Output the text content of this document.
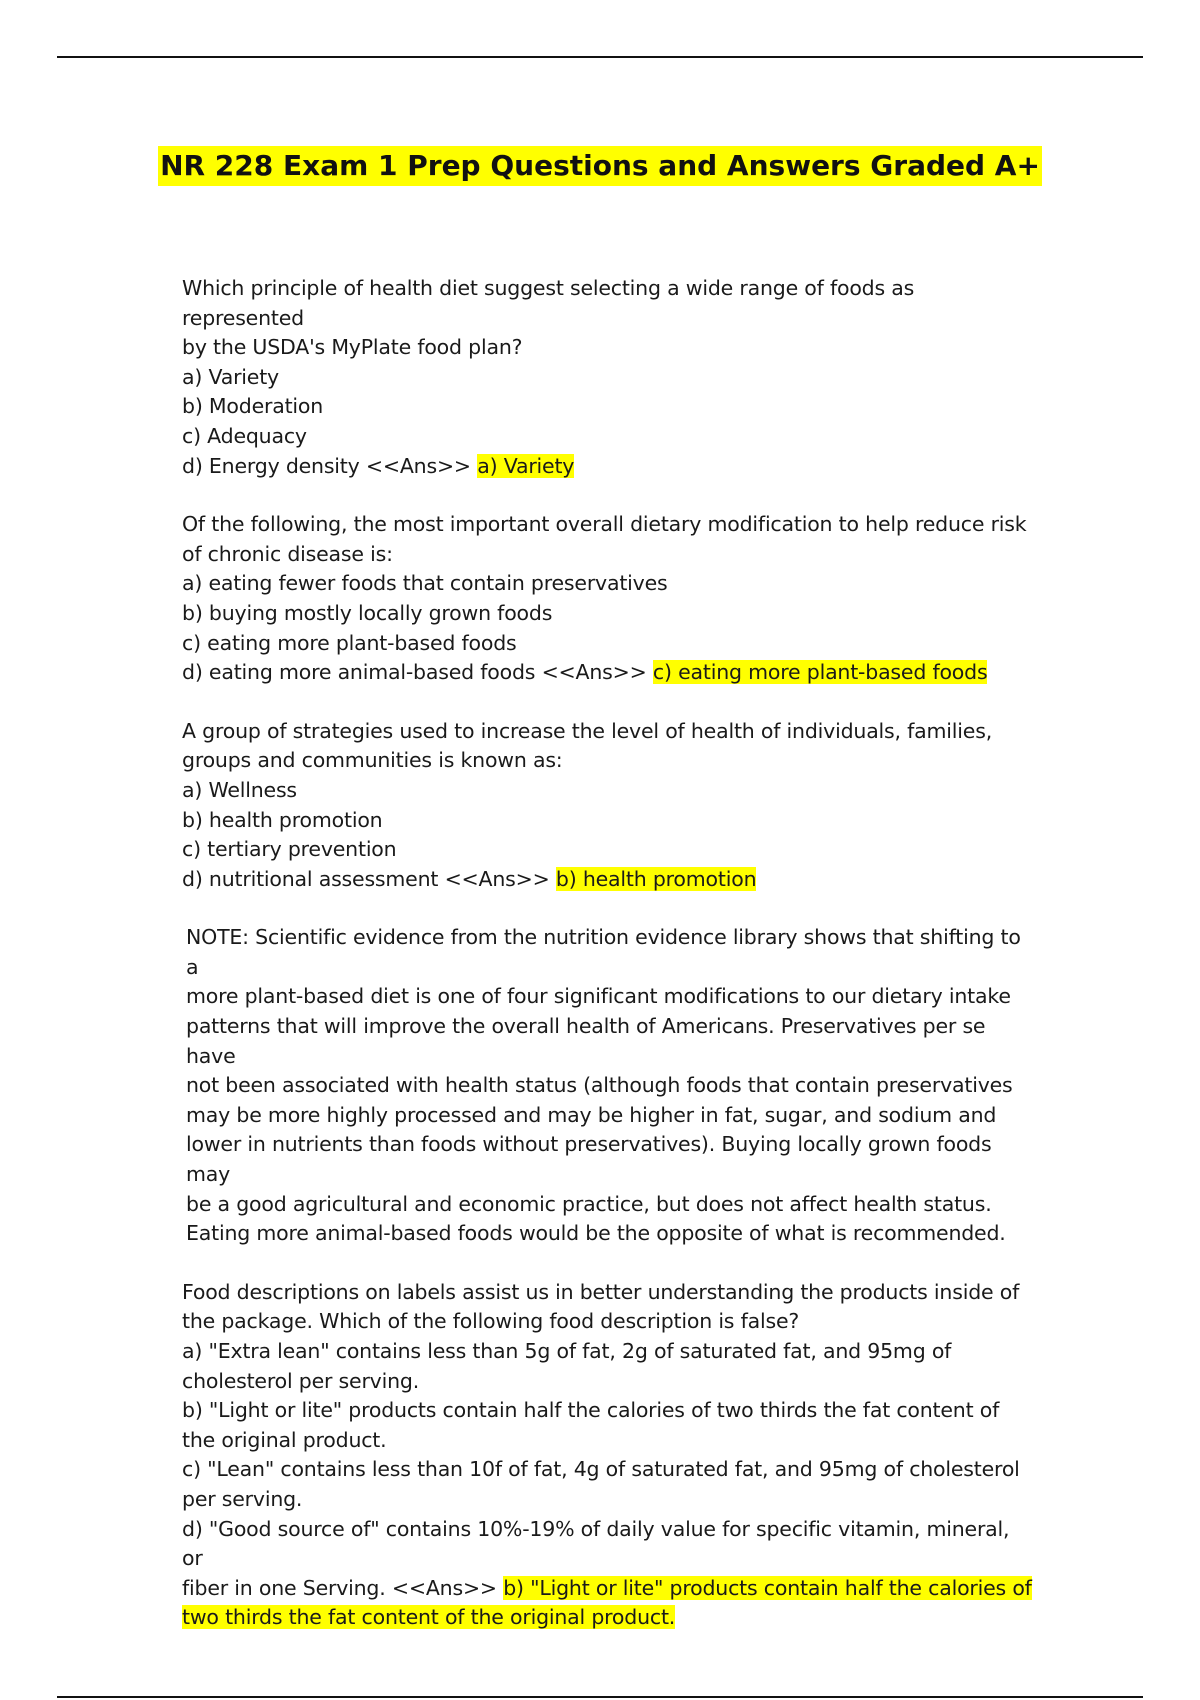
NR 228 Exam 1 Prep Questions and Answers Graded A+
Which principle of health diet suggest selecting a wide range of foods as represented
by the USDA's MyPlate food plan?
a) Variety
b) Moderation
c) Adequacy
d) Energy density <<Ans>> a) Variety
Of the following, the most important overall dietary modification to help reduce risk
of chronic disease is:
a) eating fewer foods that contain preservatives
b) buying mostly locally grown foods
c) eating more plant-based foods
d) eating more animal-based foods <<Ans>> c) eating more plant-based foods
A group of strategies used to increase the level of health of individuals, families,
groups and communities is known as:
a) Wellness
b) health promotion
c) tertiary prevention
d) nutritional assessment <<Ans>> b) health promotion
NOTE: Scientific evidence from the nutrition evidence library shows that shifting to a
more plant-based diet is one of four significant modifications to our dietary intake
patterns that will improve the overall health of Americans. Preservatives per se have
not been associated with health status (although foods that contain preservatives
may be more highly processed and may be higher in fat, sugar, and sodium and
lower in nutrients than foods without preservatives). Buying locally grown foods may
be a good agricultural and economic practice, but does not affect health status.
Eating more animal-based foods would be the opposite of what is recommended.
Food descriptions on labels assist us in better understanding the products inside of
the package. Which of the following food description is false?
a) "Extra lean" contains less than 5g of fat, 2g of saturated fat, and 95mg of
cholesterol per serving.
b) "Light or lite" products contain half the calories of two thirds the fat content of
the original product.
c) "Lean" contains less than 10f of fat, 4g of saturated fat, and 95mg of cholesterol
per serving.
d) "Good source of" contains 10%-19% of daily value for specific vitamin, mineral, or
fiber in one Serving. <<Ans>> b) "Light or lite" products contain half the calories of
two thirds the fat content of the original product.
